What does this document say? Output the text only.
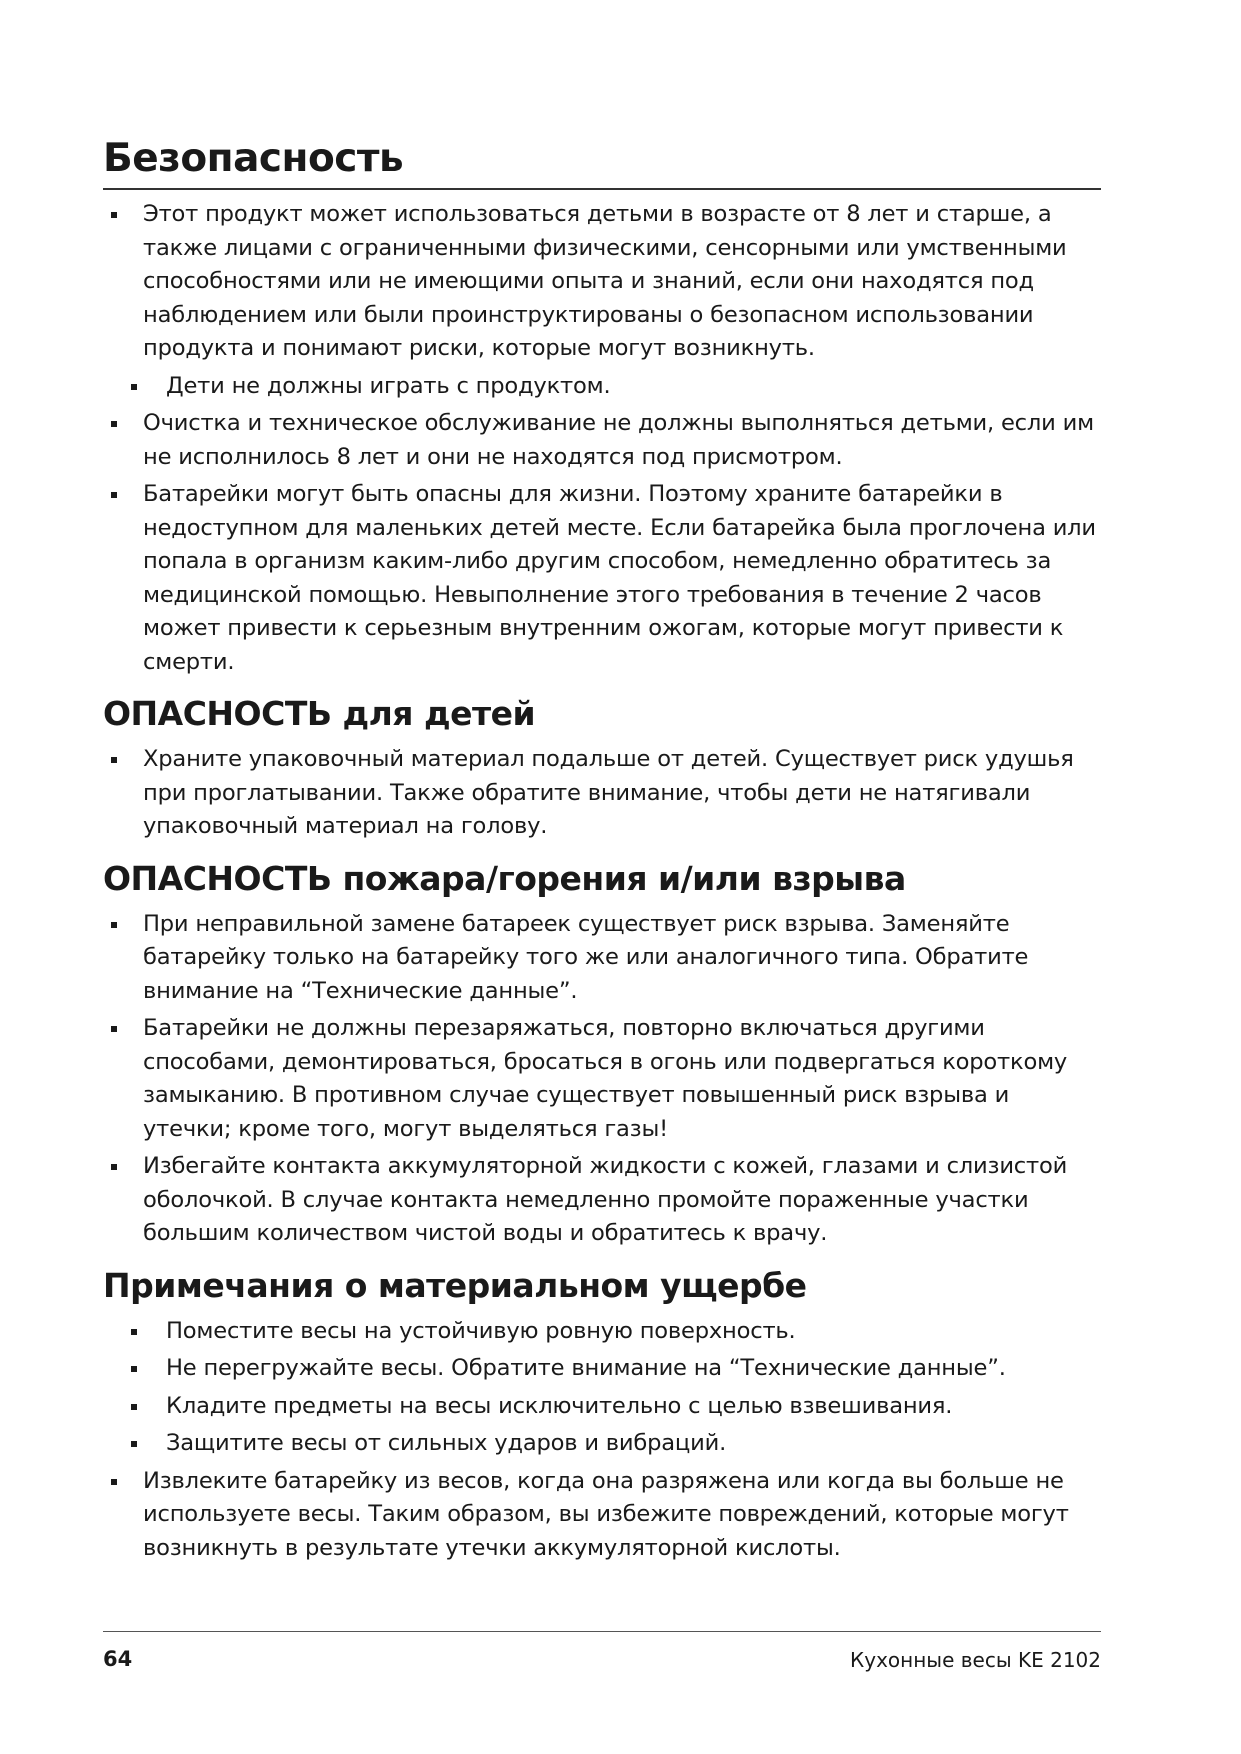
Безопасность
Этот продукт может использоваться детьми в возрасте от 8 лет и старше, а также лицами с ограниченными физическими, сенсорными или умственными способностями или не имеющими опыта и знаний, если они находятся под наблюдением или были проинструктированы о безопасном использовании продукта и понимают риски, которые могут возникнуть.
Дети не должны играть с продуктом.
Очистка и техническое обслуживание не должны выполняться детьми, если им не исполнилось 8 лет и они не находятся под присмотром.
Батарейки могут быть опасны для жизни. Поэтому храните батарейки в недоступном для маленьких детей месте. Если батарейка была проглочена или попала в организм каким-либо другим способом, немедленно обратитесь за медицинской помощью. Невыполнение этого требования в течение 2 часов может привести к серьезным внутренним ожогам, которые могут привести к смерти.
ОПАСНОСТЬ для детей
Храните упаковочный материал подальше от детей. Существует риск удушья при проглатывании. Также обратите внимание, чтобы дети не натягивали упаковочный материал на голову.
ОПАСНОСТЬ пожара/горения и/или взрыва
При неправильной замене батареек существует риск взрыва. Заменяйте батарейку только на батарейку того же или аналогичного типа. Обратите внимание на “Технические данные”.
Батарейки не должны перезаряжаться, повторно включаться другими способами, демонтироваться, бросаться в огонь или подвергаться короткому замыканию. В противном случае существует повышенный риск взрыва и утечки; кроме того, могут выделяться газы!
Избегайте контакта аккумуляторной жидкости с кожей, глазами и слизистой оболочкой. В случае контакта немедленно промойте пораженные участки большим количеством чистой воды и обратитесь к врачу.
Примечания о материальном ущербе
Поместите весы на устойчивую ровную поверхность.
Не перегружайте весы. Обратите внимание на “Технические данные”.
Кладите предметы на весы исключительно с целью взвешивания.
Защитите весы от сильных ударов и вибраций.
Извлеките батарейку из весов, когда она разряжена или когда вы больше не используете весы. Таким образом, вы избежите повреждений, которые могут возникнуть в результате утечки аккумуляторной кислоты.
64	Кухонные весы KE 2102
